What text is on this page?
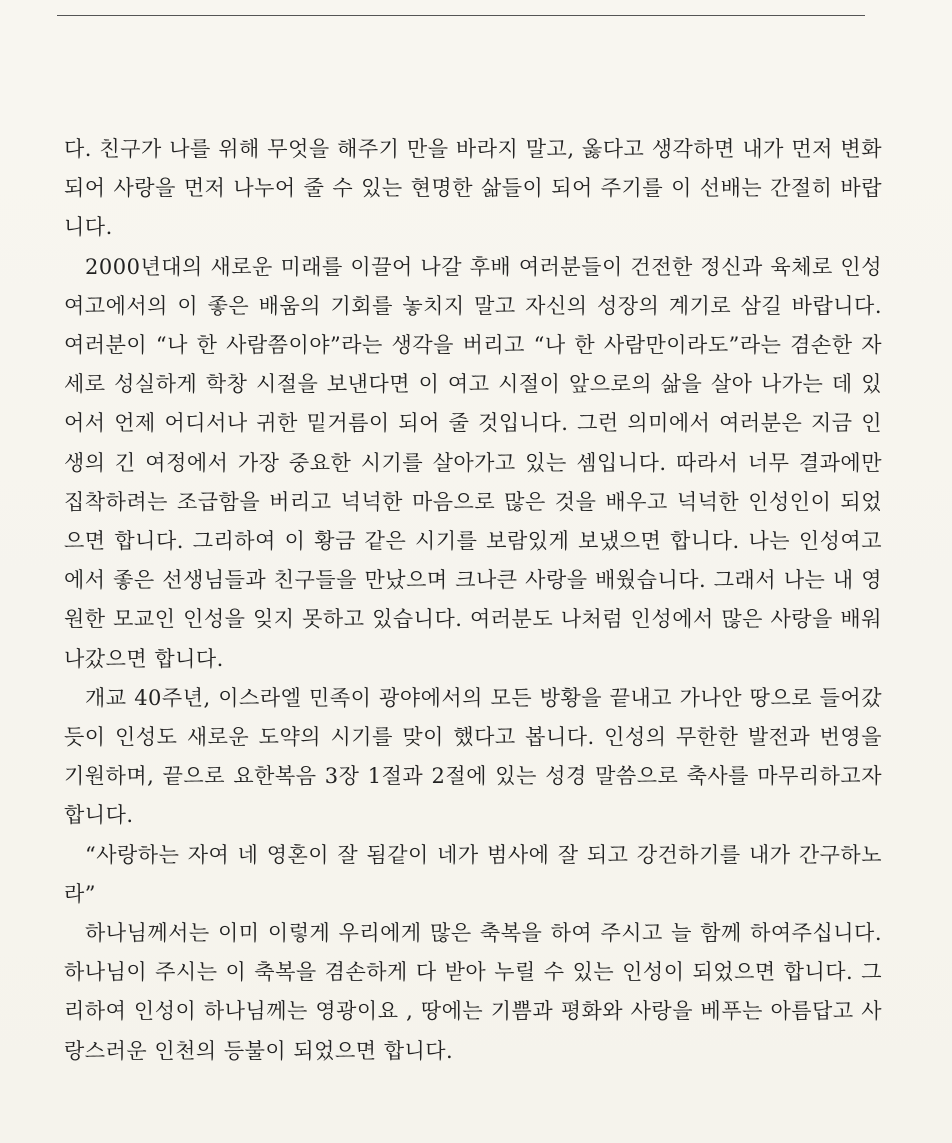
다. 친구가 나를 위해 무엇을 해주기 만을 바라지 말고, 옳다고 생각하면 내가 먼저 변화되어 사랑을 먼저 나누어 줄 수 있는 현명한 삶들이 되어 주기를 이 선배는 간절히 바랍니다.

2000년대의 새로운 미래를 이끌어 나갈 후배 여러분들이 건전한 정신과 육체로 인성여고에서의 이 좋은 배움의 기회를 놓치지 말고 자신의 성장의 계기로 삼길 바랍니다. 여러분이 “나 한 사람쯤이야”라는 생각을 버리고 “나 한 사람만이라도”라는 겸손한 자세로 성실하게 학창 시절을 보낸다면 이 여고 시절이 앞으로의 삶을 살아 나가는 데 있어서 언제 어디서나 귀한 밑거름이 되어 줄 것입니다. 그런 의미에서 여러분은 지금 인생의 긴 여정에서 가장 중요한 시기를 살아가고 있는 셈입니다. 따라서 너무 결과에만 집착하려는 조급함을 버리고 넉넉한 마음으로 많은 것을 배우고 넉넉한 인성인이 되었으면 합니다. 그리하여 이 황금 같은 시기를 보람있게 보냈으면 합니다. 나는 인성여고에서 좋은 선생님들과 친구들을 만났으며 크나큰 사랑을 배웠습니다. 그래서 나는 내 영원한 모교인 인성을 잊지 못하고 있습니다. 여러분도 나처럼 인성에서 많은 사랑을 배워 나갔으면 합니다.

개교 40주년, 이스라엘 민족이 광야에서의 모든 방황을 끝내고 가나안 땅으로 들어갔듯이 인성도 새로운 도약의 시기를 맞이 했다고 봅니다. 인성의 무한한 발전과 번영을 기원하며, 끝으로 요한복음 3장 1절과 2절에 있는 성경 말씀으로 축사를 마무리하고자 합니다.

“사랑하는 자여 네 영혼이 잘 됨같이 네가 범사에 잘 되고 강건하기를 내가 간구하노라”

하나님께서는 이미 이렇게 우리에게 많은 축복을 하여 주시고 늘 함께 하여주십니다. 하나님이 주시는 이 축복을 겸손하게 다 받아 누릴 수 있는 인성이 되었으면 합니다. 그리하여 인성이 하나님께는 영광이요 , 땅에는 기쁨과 평화와 사랑을 베푸는 아름답고 사랑스러운 인천의 등불이 되었으면 합니다.
